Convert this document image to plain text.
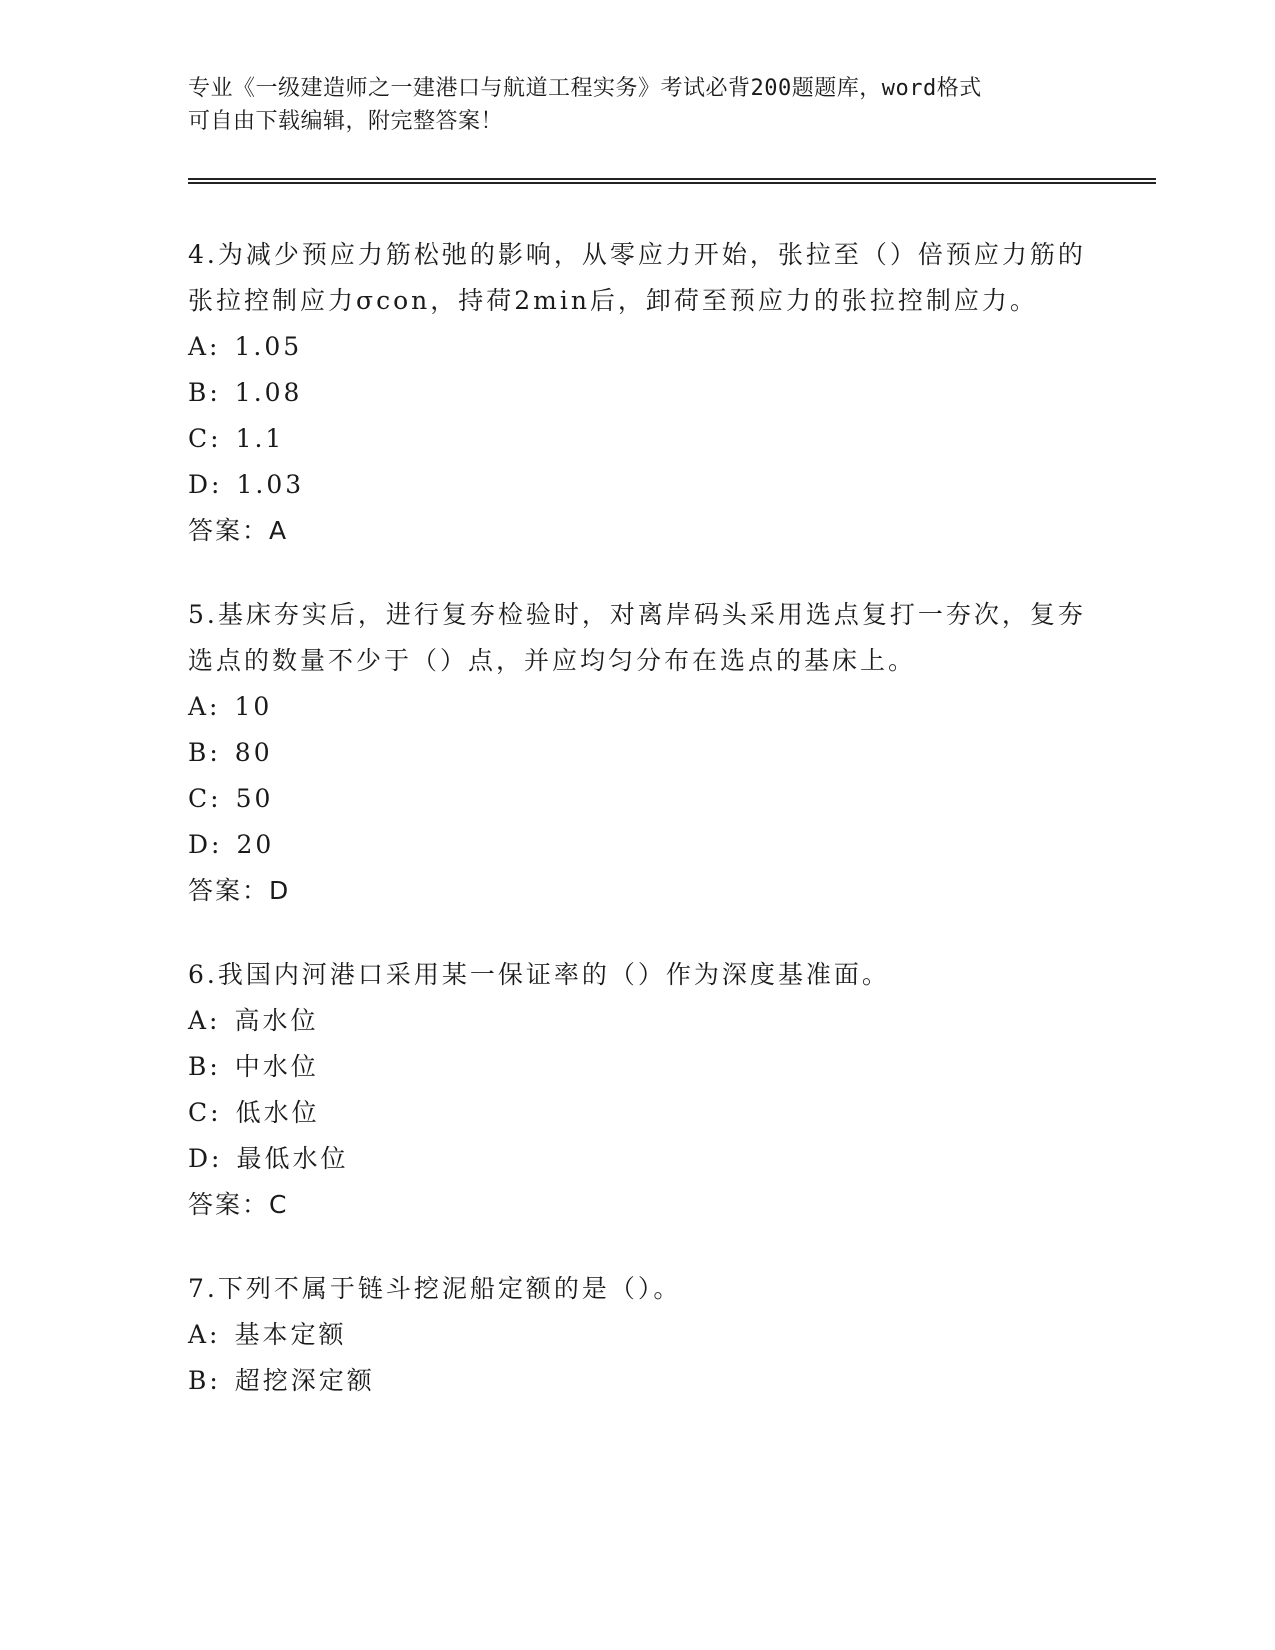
专业《一级建造师之一建港口与航道工程实务》考试必背200题题库，word格式
可自由下载编辑，附完整答案！
4.为减少预应力筋松弛的影响，从零应力开始，张拉至（）倍预应力筋的张拉控制应力σcon，持荷2min后，卸荷至预应力的张拉控制应力。
A: 1.05
B: 1.08
C: 1.1
D: 1.03
答案：A
5.基床夯实后，进行复夯检验时，对离岸码头采用选点复打一夯次，复夯选点的数量不少于（）点，并应均匀分布在选点的基床上。
A: 10
B: 80
C: 50
D: 20
答案：D
6.我国内河港口采用某一保证率的（）作为深度基准面。
A: 高水位
B: 中水位
C: 低水位
D: 最低水位
答案：C
7.下列不属于链斗挖泥船定额的是（）。
A: 基本定额
B: 超挖深定额
